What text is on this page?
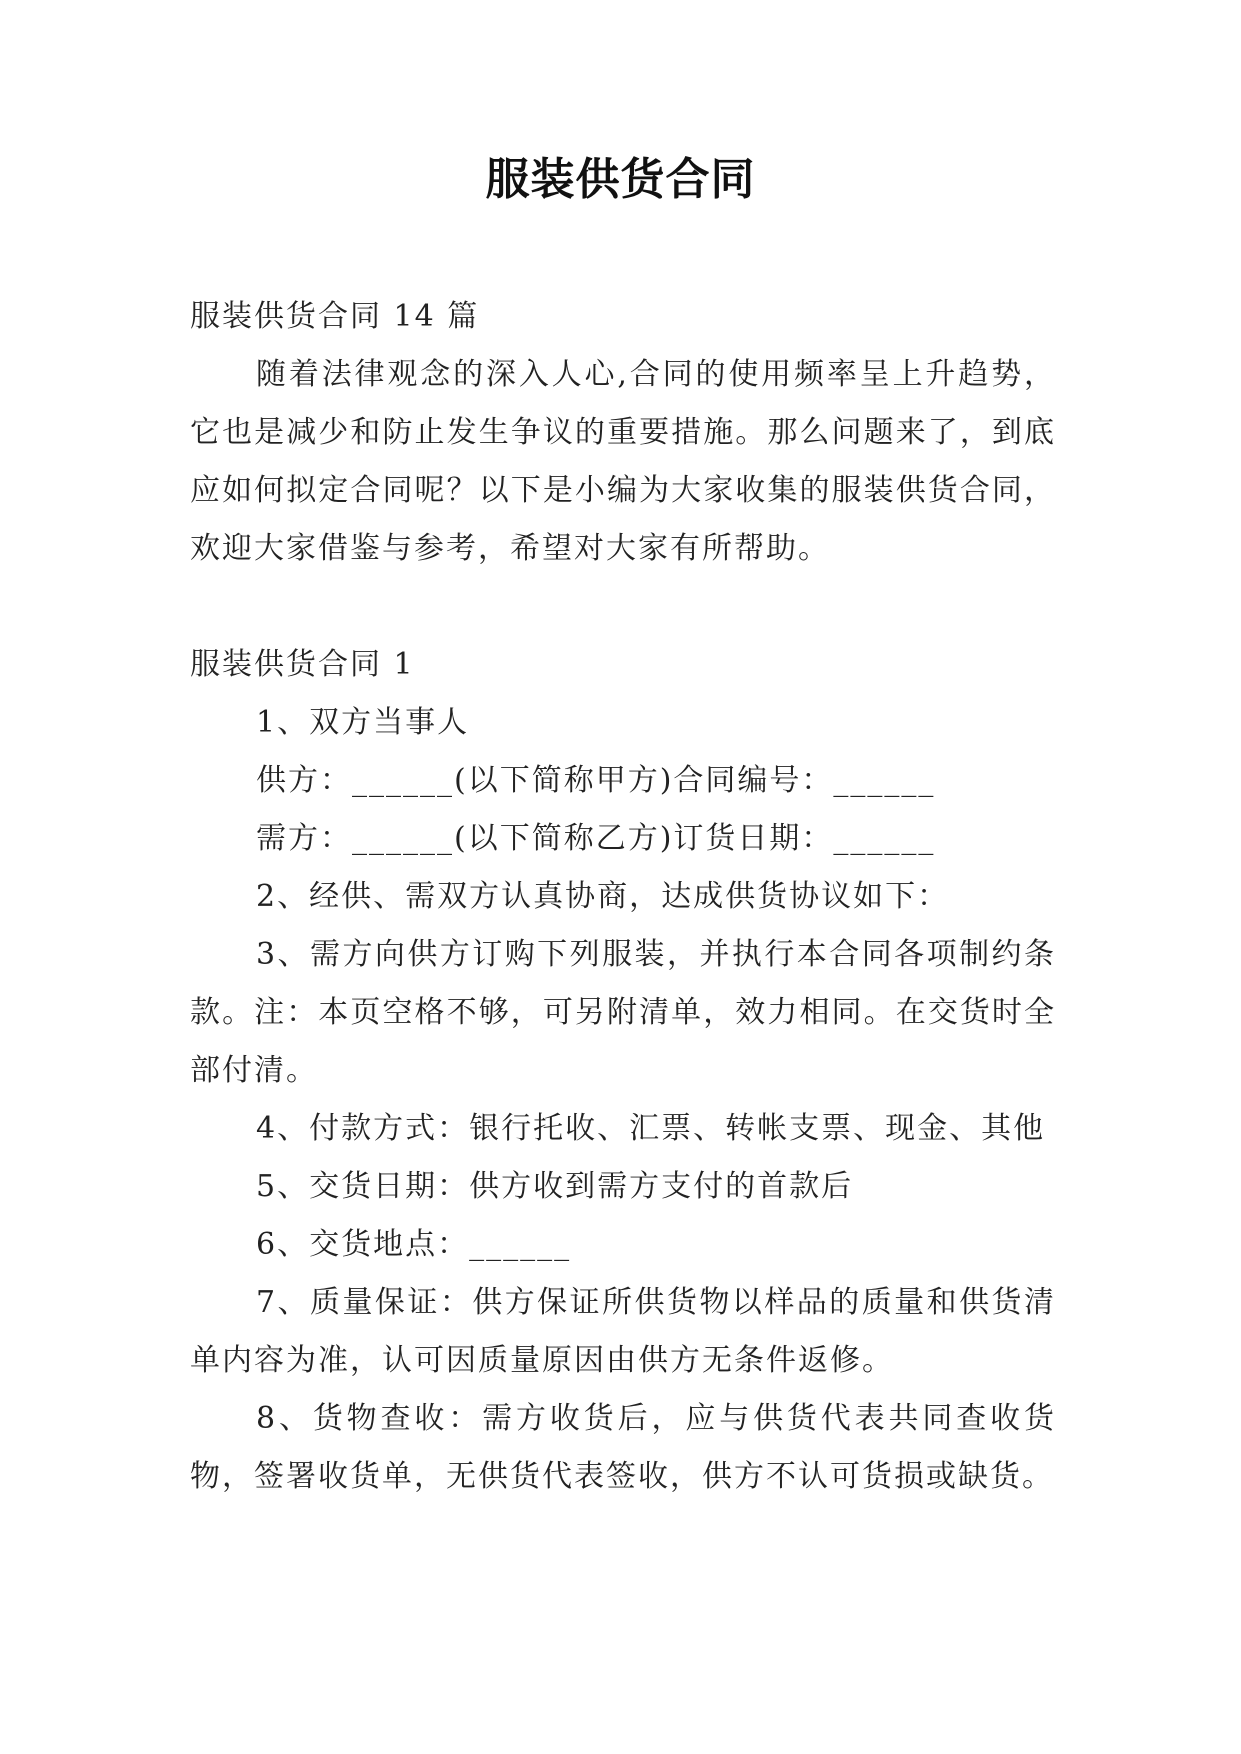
服装供货合同

服装供货合同 14 篇

随着法律观念的深入人心,合同的使用频率呈上升趋势，它也是减少和防止发生争议的重要措施。那么问题来了，到底应如何拟定合同呢？以下是小编为大家收集的服装供货合同，欢迎大家借鉴与参考，希望对大家有所帮助。

服装供货合同 1

1、双方当事人

供方：______(以下简称甲方)合同编号：______

需方：______(以下简称乙方)订货日期：______

2、经供、需双方认真协商，达成供货协议如下：

3、需方向供方订购下列服装，并执行本合同各项制约条款。注：本页空格不够，可另附清单，效力相同。在交货时全部付清。

4、付款方式：银行托收、汇票、转帐支票、现金、其他

5、交货日期：供方收到需方支付的首款后

6、交货地点：______

7、质量保证：供方保证所供货物以样品的质量和供货清单内容为准，认可因质量原因由供方无条件返修。

8、货物查收：需方收货后，应与供货代表共同查收货物，签署收货单，无供货代表签收，供方不认可货损或缺货。
